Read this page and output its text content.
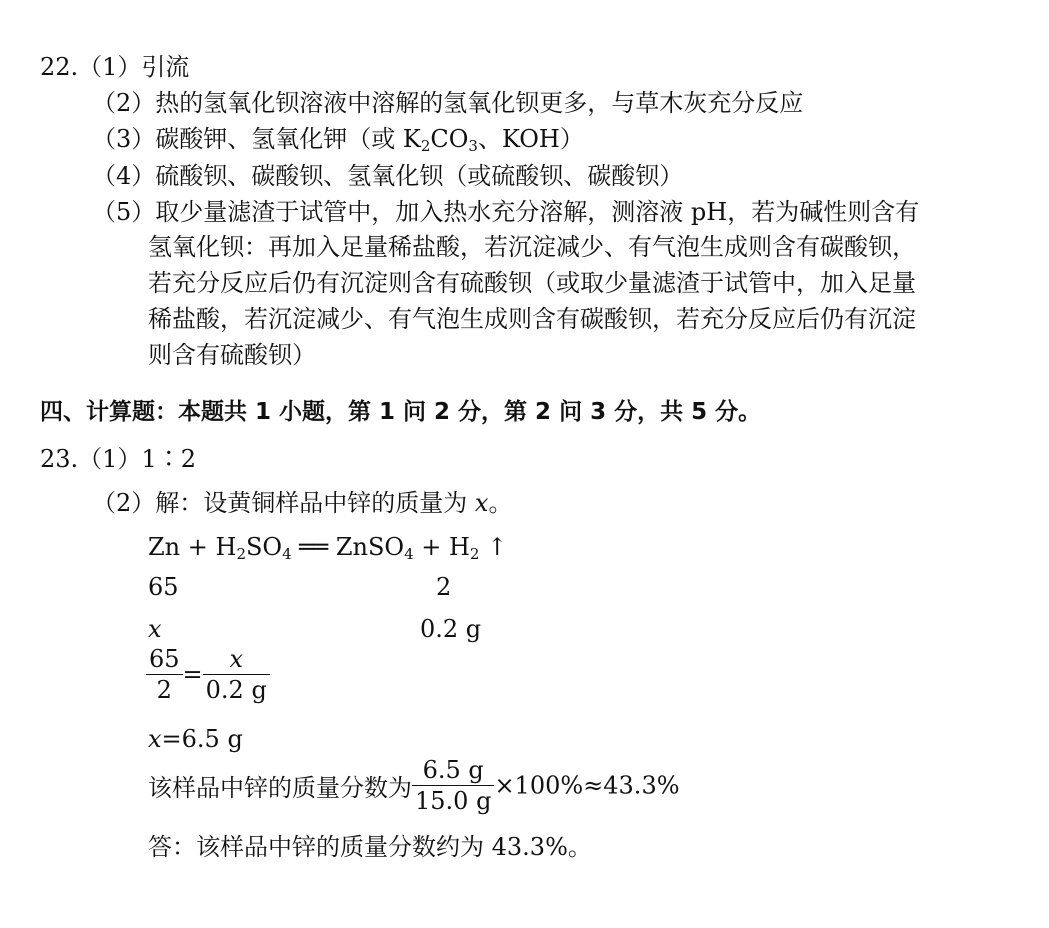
22.（1）引流
（2）热的氢氧化钡溶液中溶解的氢氧化钡更多，与草木灰充分反应
（3）碳酸钾、氢氧化钾（或 $K_2CO_3$、KOH）
（4）硫酸钡、碳酸钡、氢氧化钡（或硫酸钡、碳酸钡）
（5）取少量滤渣于试管中，加入热水充分溶解，测溶液 pH，若为碱性则含有
氢氧化钡：再加入足量稀盐酸，若沉淀减少、有气泡生成则含有碳酸钡，
若充分反应后仍有沉淀则含有硫酸钡（或取少量滤渣于试管中，加入足量
稀盐酸，若沉淀减少、有气泡生成则含有碳酸钡，若充分反应后仍有沉淀
则含有硫酸钡）
四、计算题：本题共 1 小题，第 1 问 2 分，第 2 问 3 分，共 5 分。
23.（1）1∶2
（2）解：设黄铜样品中锌的质量为 x。
$Zn + H_2SO_4$ ══ ZnSO$_4$ + $H_2$ ↑
65	2
x	0.2 g
$\frac{65}{2} = \frac{x}{0.2 g}$
x=6.5 g
该样品中锌的质量分数为 $\frac{6.5 g}{15.0 g} \times 100\%\approx 43.3\%$
答：该样品中锌的质量分数约为 43.3%。
